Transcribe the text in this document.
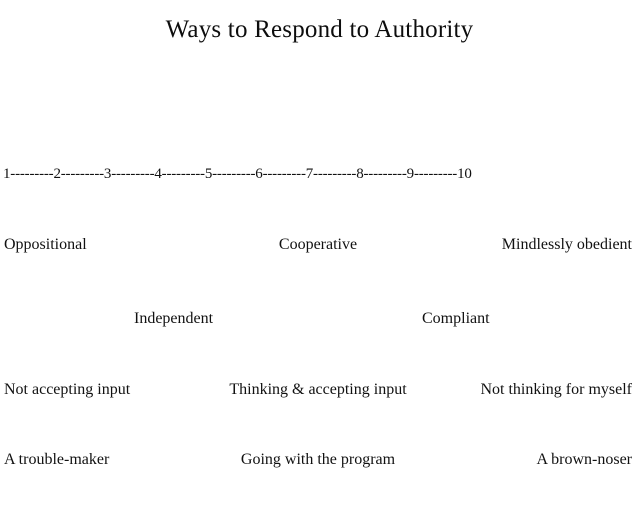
Ways to Respond to Authority
1---------2---------3---------4---------5---------6---------7---------8---------9---------10
Oppositional	Cooperative	Mindlessly obedient
Independent	Compliant
Not accepting input	Thinking & accepting input	Not thinking for myself
A trouble-maker	Going with the program	A brown-noser
